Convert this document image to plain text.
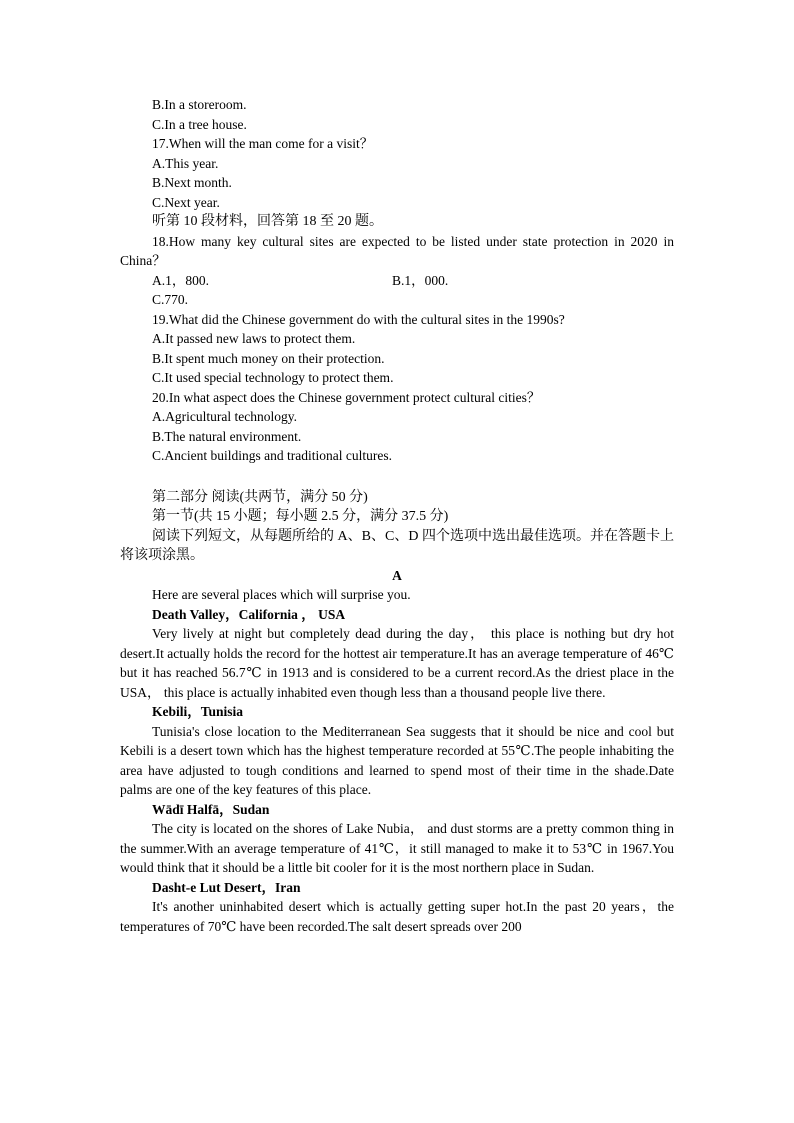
B.In a storeroom.

C.In a tree house.

17.When will the man come for a visit？

A.This year.

B.Next month.

C.Next year.

听第 10 段材料，回答第 18 至 20 题。

18.How many key cultural sites are expected to be listed under state protection in 2020 in China？

A.1，800.	B.1，000.

C.770.

19.What did the Chinese government do with the cultural sites in the 1990s?

A.It passed new laws to protect them.

B.It spent much money on their protection.

C.It used special technology to protect them.

20.In what aspect does the Chinese government protect cultural cities？

A.Agricultural technology.

B.The natural environment.

C.Ancient buildings and traditional cultures.

第二部分 阅读(共两节，满分 50 分)

第一节(共 15 小题；每小题 2.5 分，满分 37.5 分)

阅读下列短文，从每题所给的 A、B、C、D 四个选项中选出最佳选项。并在答题卡上将该项涂黑。

A

Here are several places which will surprise you.

Death Valley，California ， USA

Very lively at night but completely dead during the day， this place is nothing but dry hot desert.It actually holds the record for the hottest air temperature.It has an average temperature of 46℃ but it has reached 56.7℃ in 1913 and is considered to be a current record.As the driest place in the USA， this place is actually inhabited even though less than a thousand people live there.

Kebili，Tunisia

Tunisia's close location to the Mediterranean Sea suggests that it should be nice and cool but Kebili is a desert town which has the highest temperature recorded at 55℃.The people inhabiting the area have adjusted to tough conditions and learned to spend most of their time in the shade.Date palms are one of the key features of this place.

Wādī Halfā，Sudan

The city is located on the shores of Lake Nubia， and dust storms are a pretty common thing in the summer.With an average temperature of 41℃，it still managed to make it to 53℃ in 1967.You would think that it should be a little bit cooler for it is the most northern place in Sudan.

Dasht-e Lut Desert，Iran

It's another uninhabited desert which is actually getting super hot.In the past 20 years，the temperatures of 70℃ have been recorded.The salt desert spreads over 200
